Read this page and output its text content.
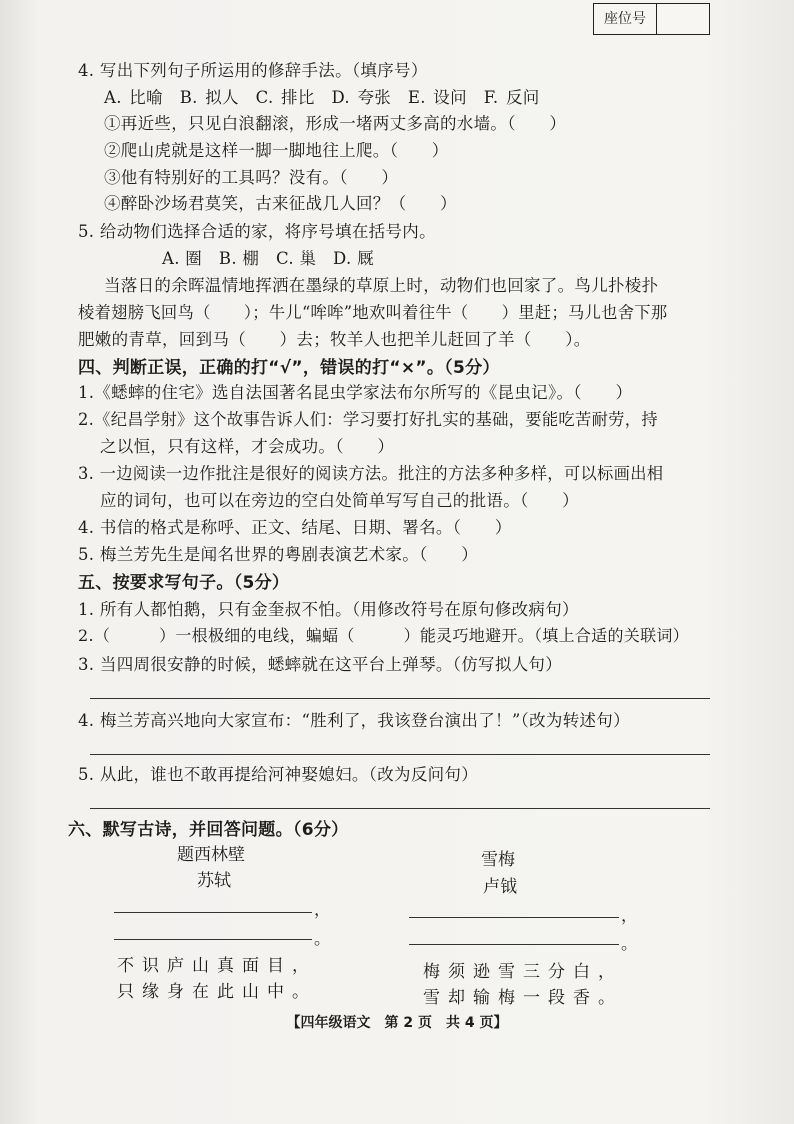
座位号
4. 写出下列句子所运用的修辞手法。（填序号）
A. 比喻　B. 拟人　C. 排比　D. 夸张　E. 设问　F. 反问
①再近些，只见白浪翻滚，形成一堵两丈多高的水墙。（　　）
②爬山虎就是这样一脚一脚地往上爬。（　　）
③他有特别好的工具吗？没有。（　　）
④醉卧沙场君莫笑，古来征战几人回？（　　）
5. 给动物们选择合适的家，将序号填在括号内。
A. 圈　B. 棚　C. 巢　D. 厩
当落日的余晖温情地挥洒在墨绿的草原上时，动物们也回家了。鸟儿扑棱扑
棱着翅膀飞回鸟（　　）；牛儿“哞哞”地欢叫着往牛（　　）里赶；马儿也舍下那
肥嫩的青草，回到马（　　）去；牧羊人也把羊儿赶回了羊（　　）。
四、判断正误，正确的打“√”，错误的打“×”。（5分）
1.《蟋蟀的住宅》选自法国著名昆虫学家法布尔所写的《昆虫记》。（　　）
2.《纪昌学射》这个故事告诉人们：学习要打好扎实的基础，要能吃苦耐劳，持
之以恒，只有这样，才会成功。（　　）
3. 一边阅读一边作批注是很好的阅读方法。批注的方法多种多样，可以标画出相
应的词句，也可以在旁边的空白处简单写写自己的批语。（　　）
4. 书信的格式是称呼、正文、结尾、日期、署名。（　　）
5. 梅兰芳先生是闻名世界的粤剧表演艺术家。（　　）
五、按要求写句子。（5分）
1. 所有人都怕鹅，只有金奎叔不怕。（用修改符号在原句修改病句）
2.（　　　）一根极细的电线，蝙蝠（　　　）能灵巧地避开。（填上合适的关联词）
3. 当四周很安静的时候，蟋蟀就在这平台上弹琴。（仿写拟人句）
4. 梅兰芳高兴地向大家宣布：“胜利了，我该登台演出了！”（改为转述句）
5. 从此，谁也不敢再提给河神娶媳妇。（改为反问句）
六、默写古诗，并回答问题。（6分）
题西林壁
苏轼
，
。
不识庐山真面目，
只缘身在此山中。
雪梅
卢钺
，
。
梅须逊雪三分白，
雪却输梅一段香。
【四年级语文　第 2 页　共 4 页】
